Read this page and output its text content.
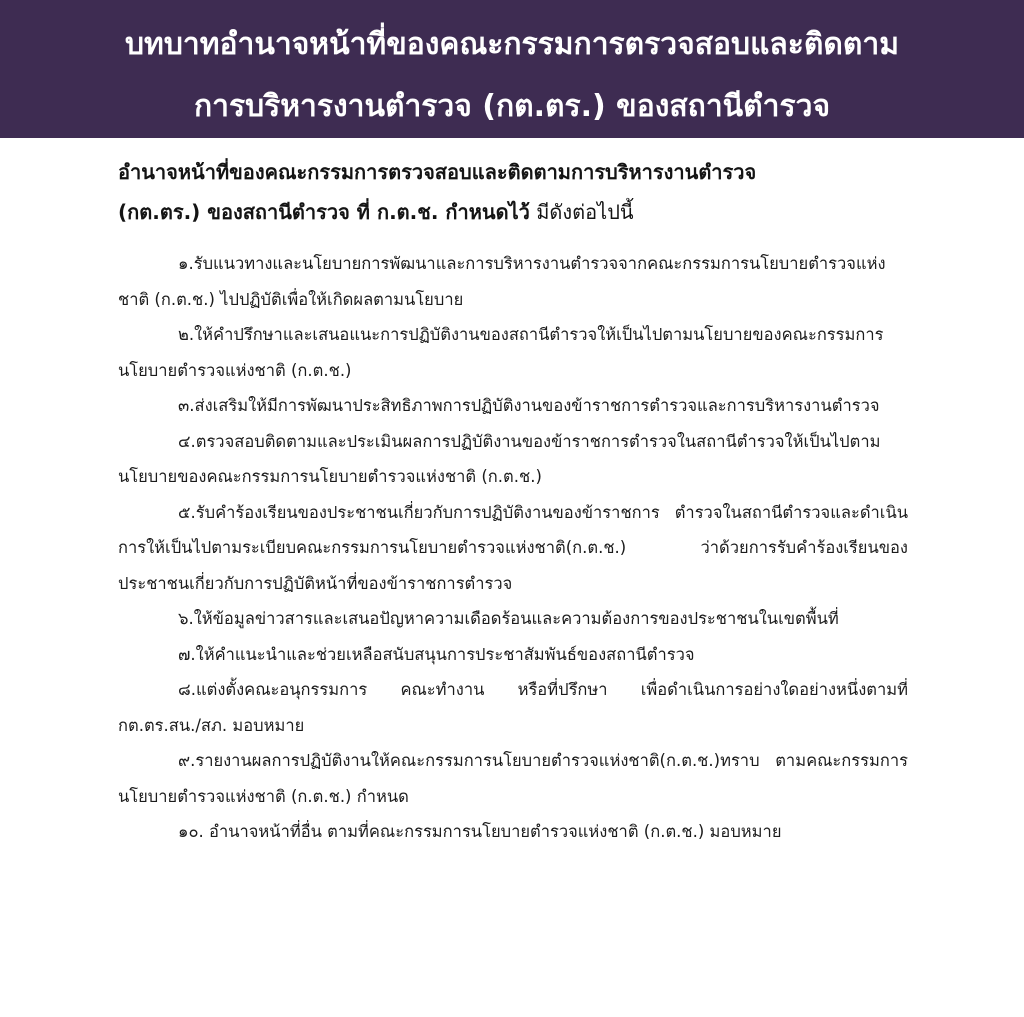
บทบาทอำนาจหน้าที่ของคณะกรรมการตรวจสอบและติดตาม
การบริหารงานตำรวจ (กต.ตร.) ของสถานีตำรวจ

อำนาจหน้าที่ของคณะกรรมการตรวจสอบและติดตามการบริหารงานตำรวจ
(กต.ตร.) ของสถานีตำรวจ ที่ ก.ต.ช. กำหนดไว้ มีดังต่อไปนี้

๑.รับแนวทางและนโยบายการพัฒนาและการบริหารงานตำรวจจากคณะกรรมการนโยบายตำรวจแห่งชาติ (ก.ต.ช.) ไปปฏิบัติเพื่อให้เกิดผลตามนโยบาย

๒.ให้คำปรึกษาและเสนอแนะการปฏิบัติงานของสถานีตำรวจให้เป็นไปตามนโยบายของคณะกรรมการนโยบายตำรวจแห่งชาติ (ก.ต.ช.)

๓.ส่งเสริมให้มีการพัฒนาประสิทธิภาพการปฏิบัติงานของข้าราชการตำรวจและการบริหารงานตำรวจ

๔.ตรวจสอบติดตามและประเมินผลการปฏิบัติงานของข้าราชการตำรวจในสถานีตำรวจให้เป็นไปตามนโยบายของคณะกรรมการนโยบายตำรวจแห่งชาติ (ก.ต.ช.)

๕.รับคำร้องเรียนของประชาชนเกี่ยวกับการปฏิบัติงานของข้าราชการ ตำรวจในสถานีตำรวจและดำเนินการให้เป็นไปตามระเบียบคณะกรรมการนโยบายตำรวจแห่งชาติ(ก.ต.ช.) ว่าด้วยการรับคำร้องเรียนของประชาชนเกี่ยวกับการปฏิบัติหน้าที่ของข้าราชการตำรวจ

๖.ให้ข้อมูลข่าวสารและเสนอปัญหาความเดือดร้อนและความต้องการของประชาชนในเขตพื้นที่

๗.ให้คำแนะนำและช่วยเหลือสนับสนุนการประชาสัมพันธ์ของสถานีตำรวจ

๘.แต่งตั้งคณะอนุกรรมการ คณะทำงาน หรือที่ปรึกษา เพื่อดำเนินการอย่างใดอย่างหนึ่งตามที่ กต.ตร.สน./สภ. มอบหมาย

๙.รายงานผลการปฏิบัติงานให้คณะกรรมการนโยบายตำรวจแห่งชาติ(ก.ต.ช.)ทราบ ตามคณะกรรมการนโยบายตำรวจแห่งชาติ (ก.ต.ช.) กำหนด

๑๐. อำนาจหน้าที่อื่น ตามที่คณะกรรมการนโยบายตำรวจแห่งชาติ (ก.ต.ช.) มอบหมาย
